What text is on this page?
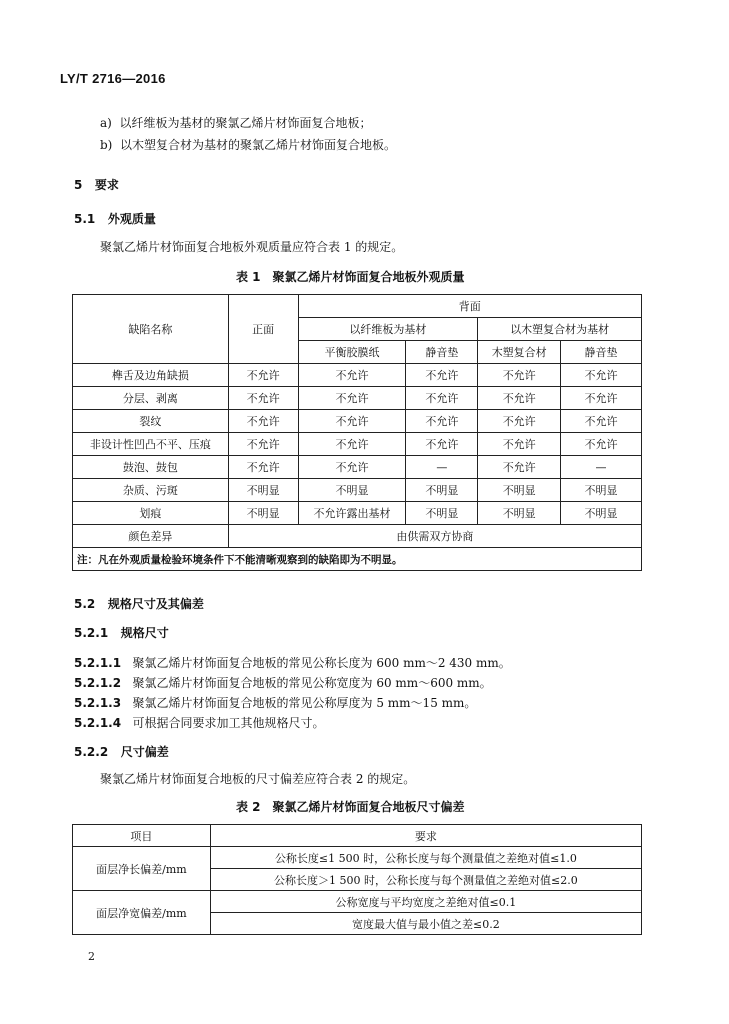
LY/T 2716—2016
a) 以纤维板为基材的聚氯乙烯片材饰面复合地板；
b) 以木塑复合材为基材的聚氯乙烯片材饰面复合地板。
5 要求
5.1 外观质量
聚氯乙烯片材饰面复合地板外观质量应符合表 1 的规定。
表 1　聚氯乙烯片材饰面复合地板外观质量
缺陷名称	正面	背面			
		以纤维板为基材		以木塑复合材为基材	
		平衡胶膜纸	静音垫	木塑复合材	静音垫
榫舌及边角缺损	不允许	不允许	不允许	不允许	不允许
分层、剥离	不允许	不允许	不允许	不允许	不允许
裂纹	不允许	不允许	不允许	不允许	不允许
非设计性凹凸不平、压痕	不允许	不允许	不允许	不允许	不允许
鼓泡、鼓包	不允许	不允许	—	不允许	—
杂质、污斑	不明显	不明显	不明显	不明显	不明显
划痕	不明显	不允许露出基材	不明显	不明显	不明显
颜色差异	由供需双方协商				
注：凡在外观质量检验环境条件下不能清晰观察到的缺陷即为不明显。					
5.2 规格尺寸及其偏差
5.2.1 规格尺寸
5.2.1.1 聚氯乙烯片材饰面复合地板的常见公称长度为 600 mm～2 430 mm。
5.2.1.2 聚氯乙烯片材饰面复合地板的常见公称宽度为 60 mm～600 mm。
5.2.1.3 聚氯乙烯片材饰面复合地板的常见公称厚度为 5 mm～15 mm。
5.2.1.4 可根据合同要求加工其他规格尺寸。
5.2.2 尺寸偏差
聚氯乙烯片材饰面复合地板的尺寸偏差应符合表 2 的规定。
表 2　聚氯乙烯片材饰面复合地板尺寸偏差
项目	要求
面层净长偏差/mm	公称长度≤1 500 时，公称长度与每个测量值之差绝对值≤1.0
	公称长度＞1 500 时，公称长度与每个测量值之差绝对值≤2.0
面层净宽偏差/mm	公称宽度与平均宽度之差绝对值≤0.1
	宽度最大值与最小值之差≤0.2
2
